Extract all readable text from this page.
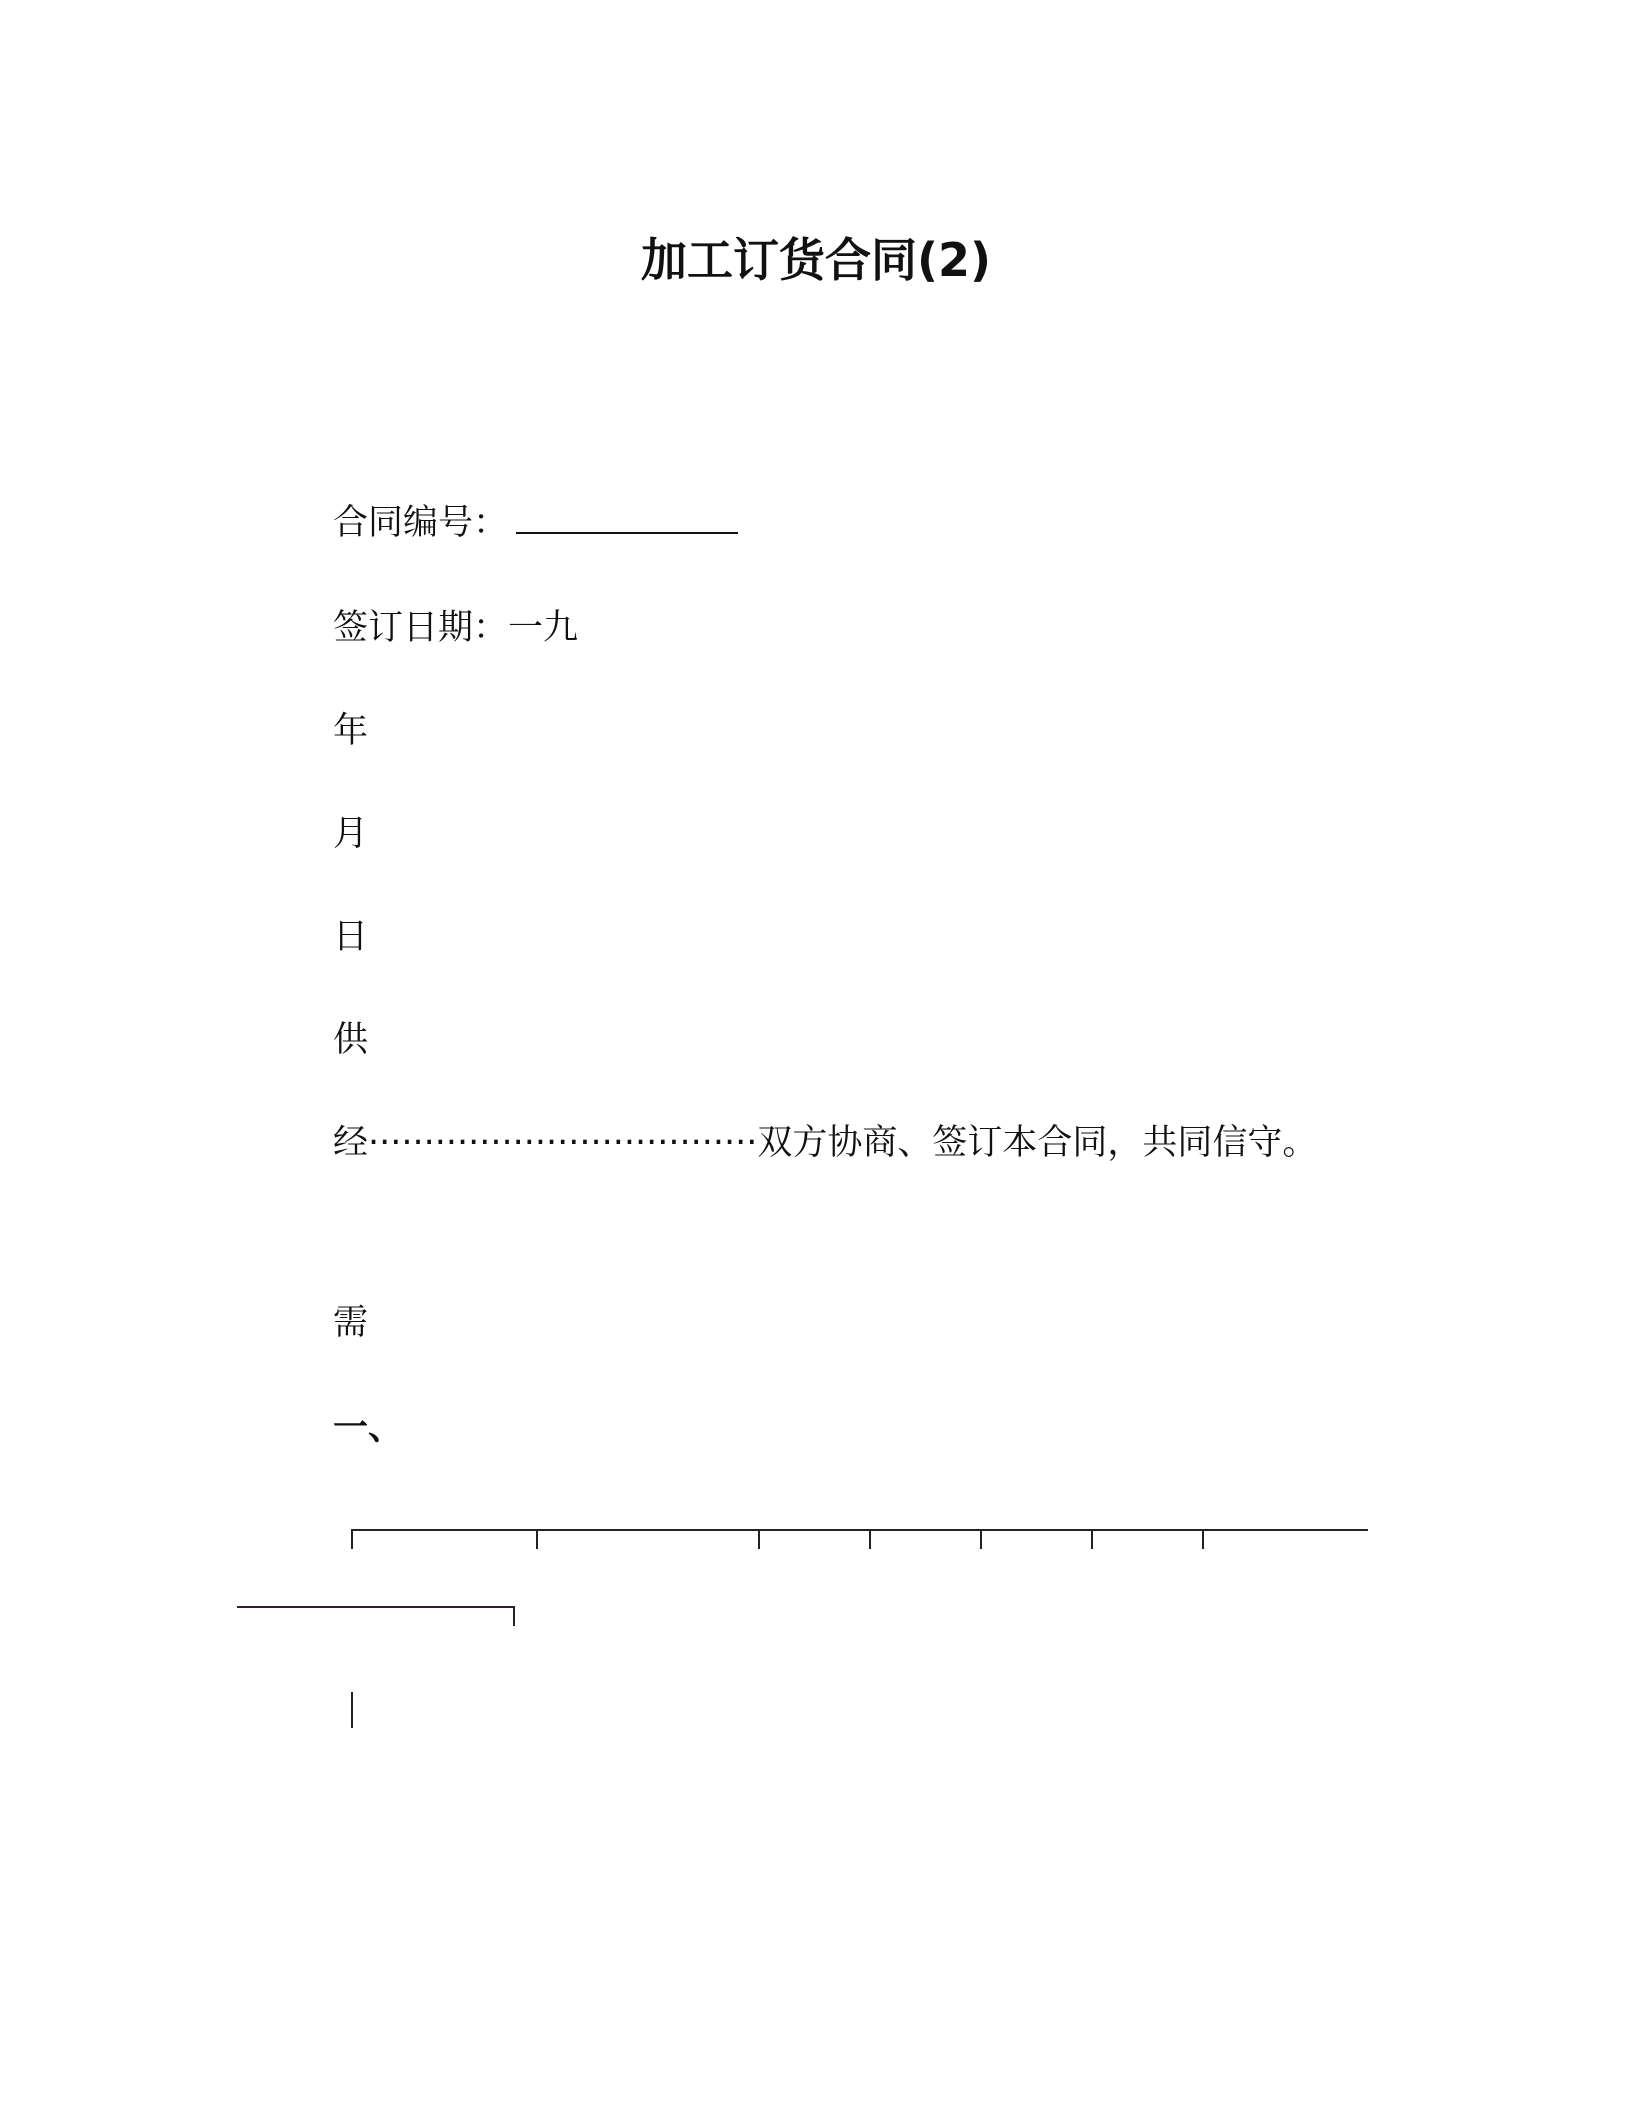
加工订货合同(2)
合同编号：
签订日期：一九
年
月
日
供
经···································双方协商、签订本合同，共同信守。
需
一、
